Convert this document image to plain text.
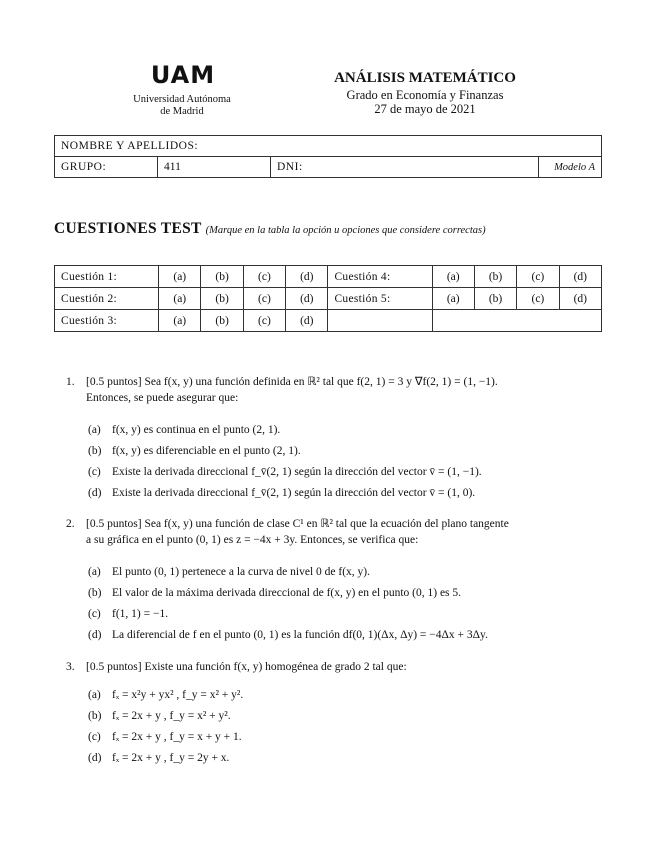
UAM
Universidad Autónoma
de Madrid
ANÁLISIS MATEMÁTICO
Grado en Economía y Finanzas
27 de mayo de 2021
NOMBRE Y APELLIDOS:
GRUPO:	411	DNI:	Modelo A
CUESTIONES TEST (Marque en la tabla la opción u opciones que considere correctas)
Cuestión 1:	(a)	(b)	(c)	(d)	Cuestión 4:	(a)	(b)	(c)	(d)
Cuestión 2:	(a)	(b)	(c)	(d)	Cuestión 5:	(a)	(b)	(c)	(d)
Cuestión 3:	(a)	(b)	(c)	(d)					
1. [0.5 puntos] Sea f(x, y) una función definida en ℝ² tal que f(2, 1) = 3 y ∇f(2, 1) = (1, −1).
Entonces, se puede asegurar que:
(a) f(x, y) es continua en el punto (2, 1).
(b) f(x, y) es diferenciable en el punto (2, 1).
(c) Existe la derivada direccional f_v̄(2, 1) según la dirección del vector v̄ = (1, −1).
(d) Existe la derivada direccional f_v̄(2, 1) según la dirección del vector v̄ = (1, 0).
2. [0.5 puntos] Sea f(x, y) una función de clase C¹ en ℝ² tal que la ecuación del plano tangente
a su gráfica en el punto (0, 1) es z = −4x + 3y. Entonces, se verifica que:
(a) El punto (0, 1) pertenece a la curva de nivel 0 de f(x, y).
(b) El valor de la máxima derivada direccional de f(x, y) en el punto (0, 1) es 5.
(c) f(1, 1) = −1.
(d) La diferencial de f en el punto (0, 1) es la función df(0, 1)(Δx, Δy) = −4Δx + 3Δy.
3. [0.5 puntos] Existe una función f(x, y) homogénea de grado 2 tal que:
(a) fₓ = x²y + yx² , f_y = x² + y².
(b) fₓ = 2x + y , f_y = x² + y².
(c) fₓ = 2x + y , f_y = x + y + 1.
(d) fₓ = 2x + y , f_y = 2y + x.
